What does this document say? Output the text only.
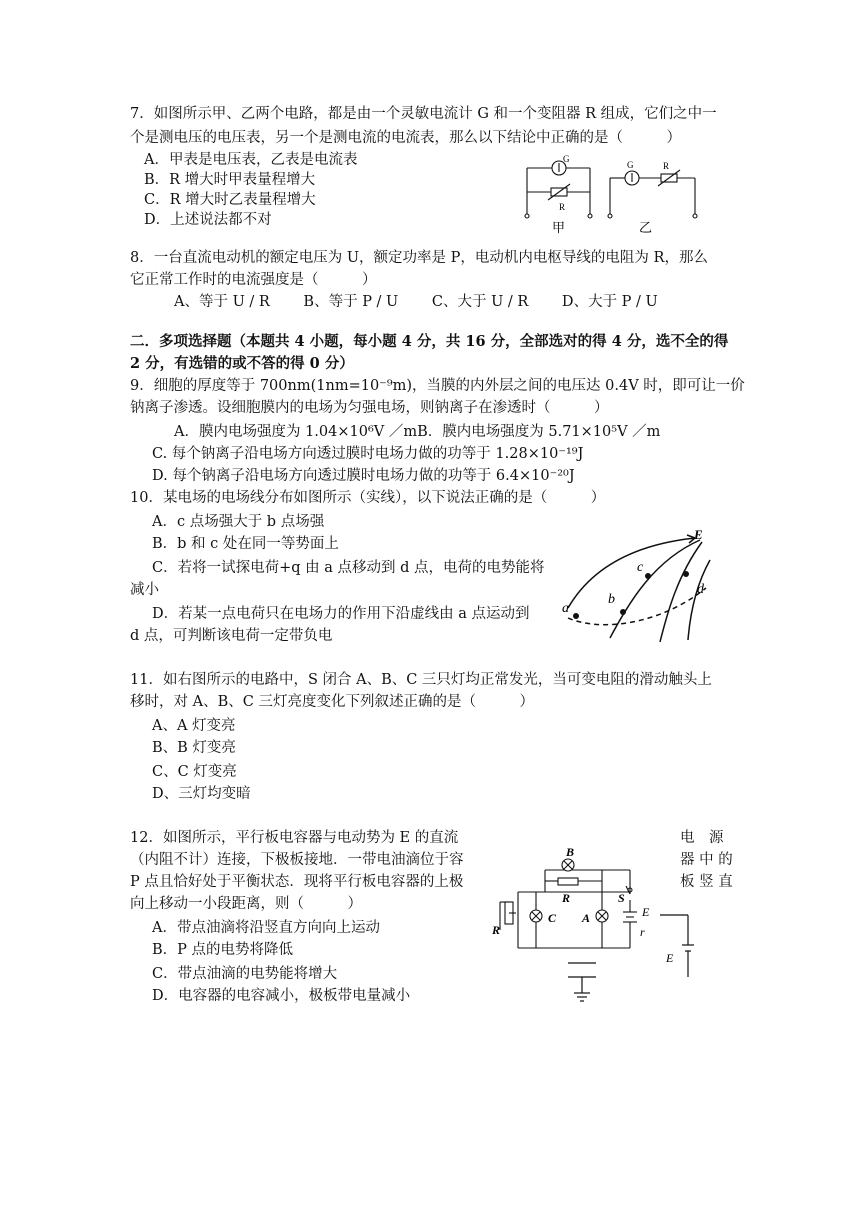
7．如图所示甲、乙两个电路，都是由一个灵敏电流计 G 和一个变阻器 R 组成，它们之中一
个是测电压的电压表，另一个是测电流的电流表，那么以下结论中正确的是（　　　）
A．甲表是电压表，乙表是电流表
B．R 增大时甲表量程增大
C．R 增大时乙表量程增大
D．上述说法都不对
G
R
G	R
甲	乙
8．一台直流电动机的额定电压为 U，额定功率是 P，电动机内电枢导线的电阻为 R，那么
它正常工作时的电流强度是（　　　）
A、等于 U / R　　 B、等于 P / U　　 C、大于 U / R　　 D、大于 P / U
二．多项选择题（本题共 4 小题，每小题 4 分，共 16 分，全部选对的得 4 分，选不全的得
2 分，有选错的或不答的得 0 分）
9．细胞的厚度等于 700nm(1nm=10⁻⁹m)，当膜的内外层之间的电压达 0.4V 时，即可让一价
钠离子渗透。设细胞膜内的电场为匀强电场，则钠离子在渗透时（　　　）
A．膜内电场强度为 1.04×10⁶V ／mB．膜内电场强度为 5.71×10⁵V ／m
C. 每个钠离子沿电场方向透过膜时电场力做的功等于 1.28×10⁻¹⁹J
D. 每个钠离子沿电场方向透过膜时电场力做的功等于 6.4×10⁻²⁰J
10．某电场的电场线分布如图所示（实线），以下说法正确的是（　　　）
A．c 点场强大于 b 点场强
B．b 和 c 处在同一等势面上
C．若将一试探电荷+q 由 a 点移动到 d 点，电荷的电势能将
减小
D．若某一点电荷只在电场力的作用下沿虚线由 a 点运动到
d 点，可判断该电荷一定带负电
E
a
b
c
d
11．如右图所示的电路中，S 闭合 A、B、C 三只灯均正常发光，当可变电阻的滑动触头上
移时，对 A、B、C 三灯亮度变化下列叙述正确的是（　　　）
A、A 灯变亮
B、B 灯变亮
C、C 灯变亮
D、三灯均变暗
12．如图所示，平行板电容器与电动势为 E 的直流	电　源
（内阻不计）连接，下极板接地．一带电油滴位于容	器 中 的
P 点且恰好处于平衡状态．现将平行板电容器的上极	板 竖 直
向上移动一小段距离，则（　　　）
A．带点油滴将沿竖直方向向上运动
B．P 点的电势将降低
C．带点油滴的电势能将增大
D．电容器的电容减小，极板带电量减小
B
R	S
E
C A
r
R
E
